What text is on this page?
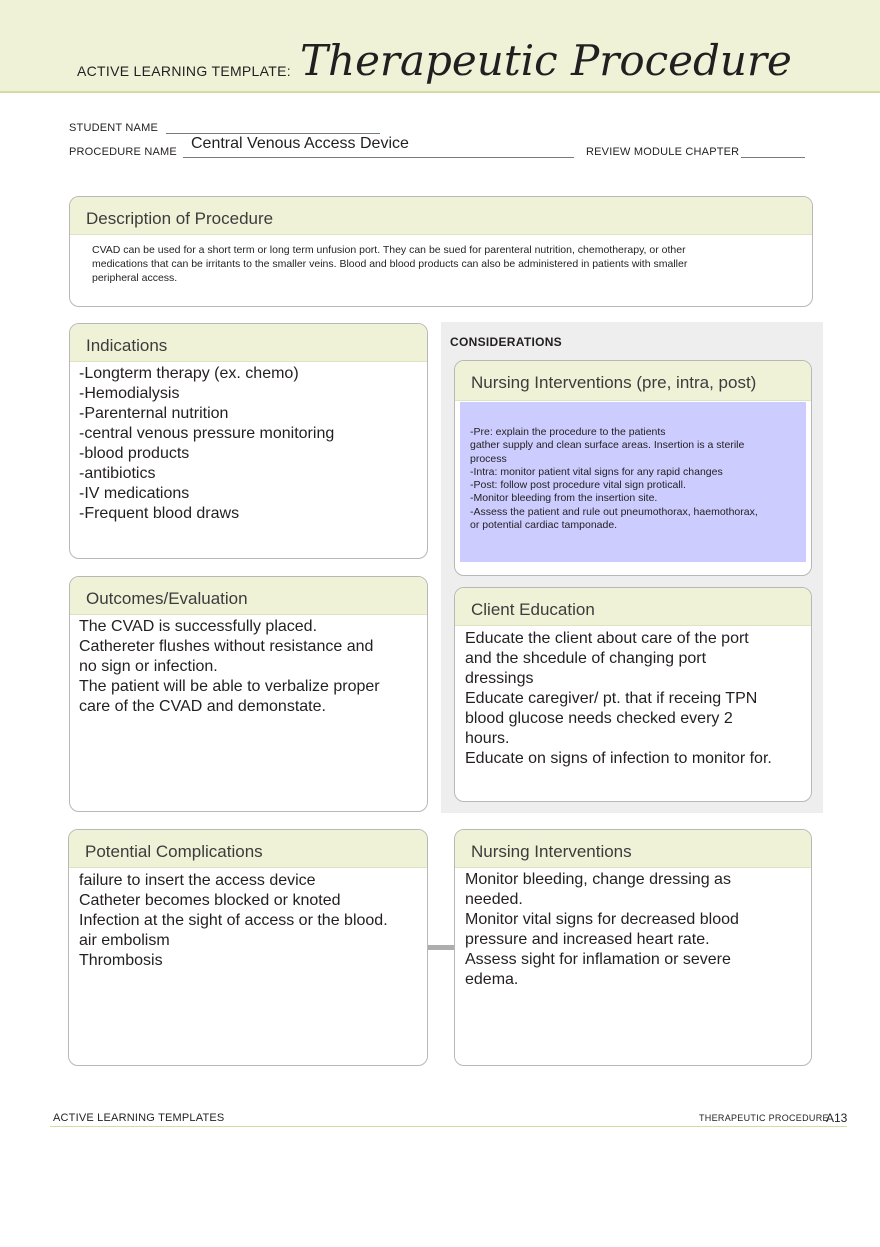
ACTIVE LEARNING TEMPLATE: Therapeutic Procedure
STUDENT NAME
PROCEDURE NAME Central Venous Access Device	REVIEW MODULE CHAPTER
Description of Procedure
CVAD can be used for a short term or long term unfusion port. They can be sued for parenteral nutrition, chemotherapy, or other
medications that can be irritants to the smaller veins. Blood and blood products can also be administered in patients with smaller
peripheral access.
CONSIDERATIONS
Indications
-Longterm therapy (ex. chemo)
-Hemodialysis
-Parenternal nutrition
-central venous pressure monitoring
-blood products
-antibiotics
-IV medications
-Frequent blood draws
Nursing Interventions (pre, intra, post)
-Pre: explain the procedure to the patients
gather supply and clean surface areas. Insertion is a sterile
process
-Intra: monitor patient vital signs for any rapid changes
-Post: follow post procedure vital sign proticall.
-Monitor bleeding from the insertion site.
-Assess the patient and rule out pneumothorax, haemothorax,
or potential cardiac tamponade.
Outcomes/Evaluation
The CVAD is successfully placed.
Cathereter flushes without resistance and
no sign or infection.
The patient will be able to verbalize proper
care of the CVAD and demonstate.
Client Education
Educate the client about care of the port
and the shcedule of changing port
dressings
Educate caregiver/ pt. that if receing TPN
blood glucose needs checked every 2
hours.
Educate on signs of infection to monitor for.
Potential Complications
failure to insert the access device
Catheter becomes blocked or knoted
Infection at the sight of access or the blood.
air embolism
Thrombosis
Nursing Interventions
Monitor bleeding, change dressing as
needed.
Monitor vital signs for decreased blood
pressure and increased heart rate.
Assess sight for inflamation or severe
edema.
ACTIVE LEARNING TEMPLATES	THERAPEUTIC PROCEDURE
A13
